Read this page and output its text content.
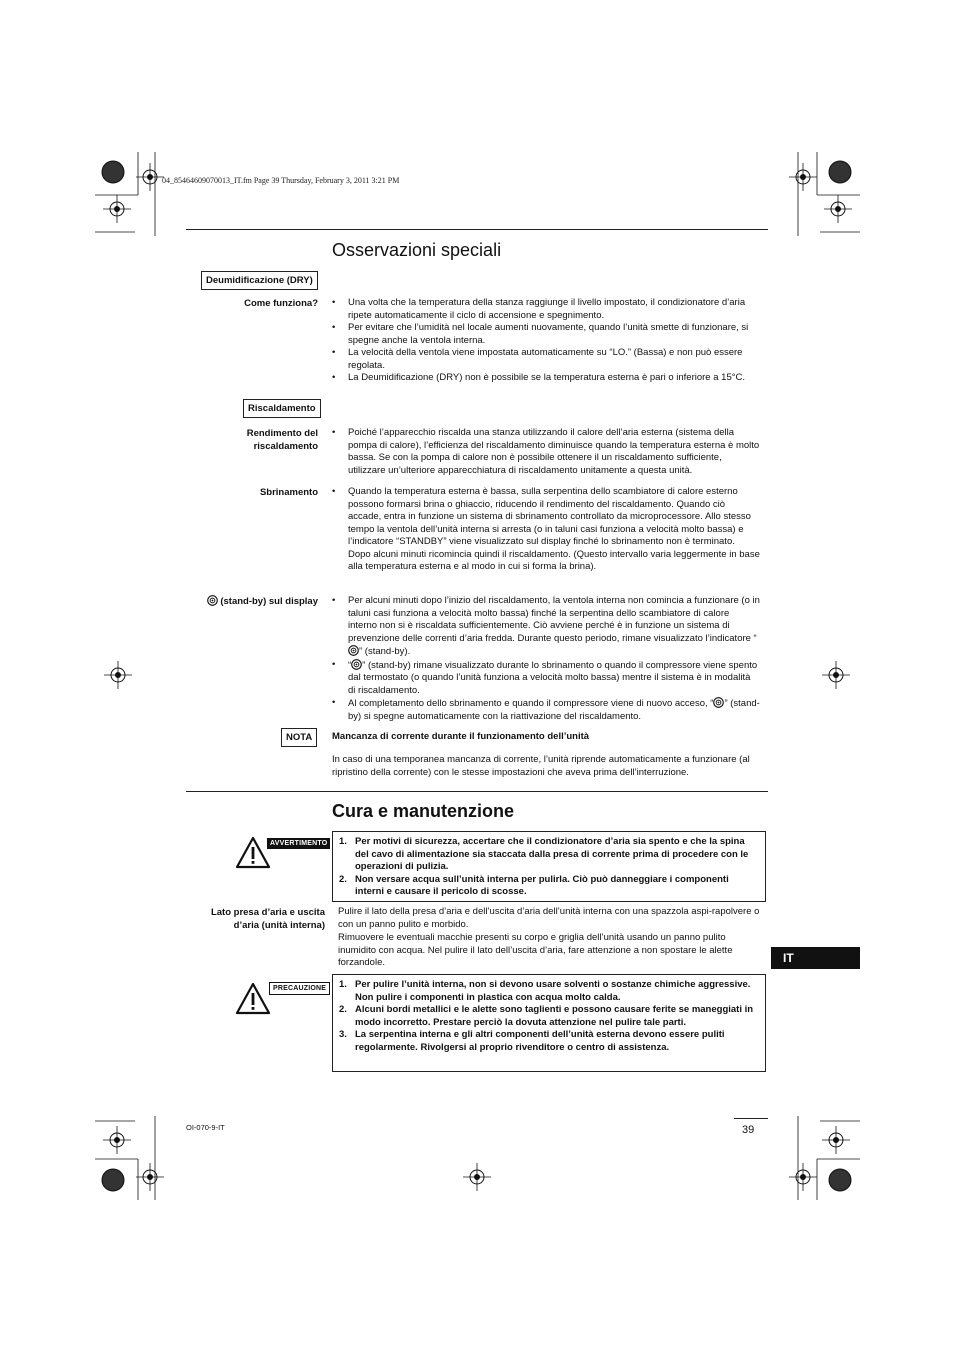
04_85464609070013_IT.fm Page 39 Thursday, February 3, 2011 3:21 PM
Osservazioni speciali
Deumidificazione (DRY)
Come funziona?	• Una volta che la temperatura della stanza raggiunge il livello impostato, il condizionatore d’aria ripete automaticamente il ciclo di accensione e spegnimento.
• Per evitare che l’umidità nel locale aumenti nuovamente, quando l’unità smette di funzionare, si spegne anche la ventola interna.
• La velocità della ventola viene impostata automaticamente su “LO.” (Bassa) e non può essere regolata.
• La Deumidificazione (DRY) non è possibile se la temperatura esterna è pari o inferiore a 15°C.
Riscaldamento
Rendimento del
riscaldamento
• Poiché l’apparecchio riscalda una stanza utilizzando il calore dell’aria esterna (sistema della pompa di calore), l’efficienza del riscaldamento diminuisce quando la temperatura esterna è molto bassa. Se con la pompa di calore non è possibile ottenere il un riscaldamento sufficiente, utilizzare un’ulteriore apparecchiatura di riscaldamento unitamente a questa unità.
Sbrinamento	• Quando la temperatura esterna è bassa, sulla serpentina dello scambiatore di calore esterno possono formarsi brina o ghiaccio, riducendo il rendimento del riscaldamento. Quando ciò accade, entra in funzione un sistema di sbrinamento controllato da microprocessore. Allo stesso tempo la ventola dell’unità interna si arresta (o in taluni casi funziona a velocità molto bassa) e l’indicatore “STANDBY” viene visualizzato sul display finché lo sbrinamento non è terminato. Dopo alcuni minuti ricomincia quindi il riscaldamento. (Questo intervallo varia leggermente in base alla temperatura esterna e al modo in cui si forma la brina).
(stand-by) sul display	• Per alcuni minuti dopo l’inizio del riscaldamento, la ventola interna non comincia a funzionare (o in taluni casi funziona a velocità molto bassa) finché la serpentina dello scambiatore di calore interno non si è riscaldata sufficientemente. Ciò avviene perché è in funzione un sistema di prevenzione delle correnti d’aria fredda. Durante questo periodo, rimane visualizzato l’indicatore “” (stand-by).
• “ ” (stand-by) rimane visualizzato durante lo sbrinamento o quando il compressore viene spento dal termostato (o quando l’unità funziona a velocità molto bassa) mentre il sistema è in modalità di riscaldamento.
• Al completamento dello sbrinamento e quando il compressore viene di nuovo acceso, “ ” (stand-by) si spegne automaticamente con la riattivazione del riscaldamento.
NOTA	Mancanza di corrente durante il funzionamento dell’unità
In caso di una temporanea mancanza di corrente, l’unità riprende automaticamente a funzionare (al ripristino della corrente) con le stesse impostazioni che aveva prima dell’interruzione.
Cura e manutenzione
AVVERTIMENTO	1. Per motivi di sicurezza, accertare che il condizionatore d’aria sia spento e che la spina del cavo di alimentazione sia staccata dalla presa di corrente prima di procedere con le operazioni di pulizia.
2. Non versare acqua sull’unità interna per pulirla. Ciò può danneggiare i componenti interni e causare il pericolo di scosse.
Lato presa d’aria e uscita
d’aria (unità interna)
Pulire il lato della presa d’aria e dell’uscita d’aria dell’unità interna con una spazzola aspi-rapolvere o con un panno pulito e morbido.
Rimuovere le eventuali macchie presenti su corpo e griglia dell’unità usando un panno pulito inumidito con acqua. Nel pulire il lato dell’uscita d’aria, fare attenzione a non spostare le alette forzandole.	IT
PRECAUZIONE	1. Per pulire l’unità interna, non si devono usare solventi o sostanze chimiche aggressive. Non pulire i componenti in plastica con acqua molto calda.
2. Alcuni bordi metallici e le alette sono taglienti e possono causare ferite se maneggiati in modo incorretto. Prestare perciò la dovuta attenzione nel pulire tale parti.
3. La serpentina interna e gli altri componenti dell’unità esterna devono essere puliti regolarmente. Rivolgersi al proprio rivenditore o centro di assistenza.
OI-070-9-IT	39
